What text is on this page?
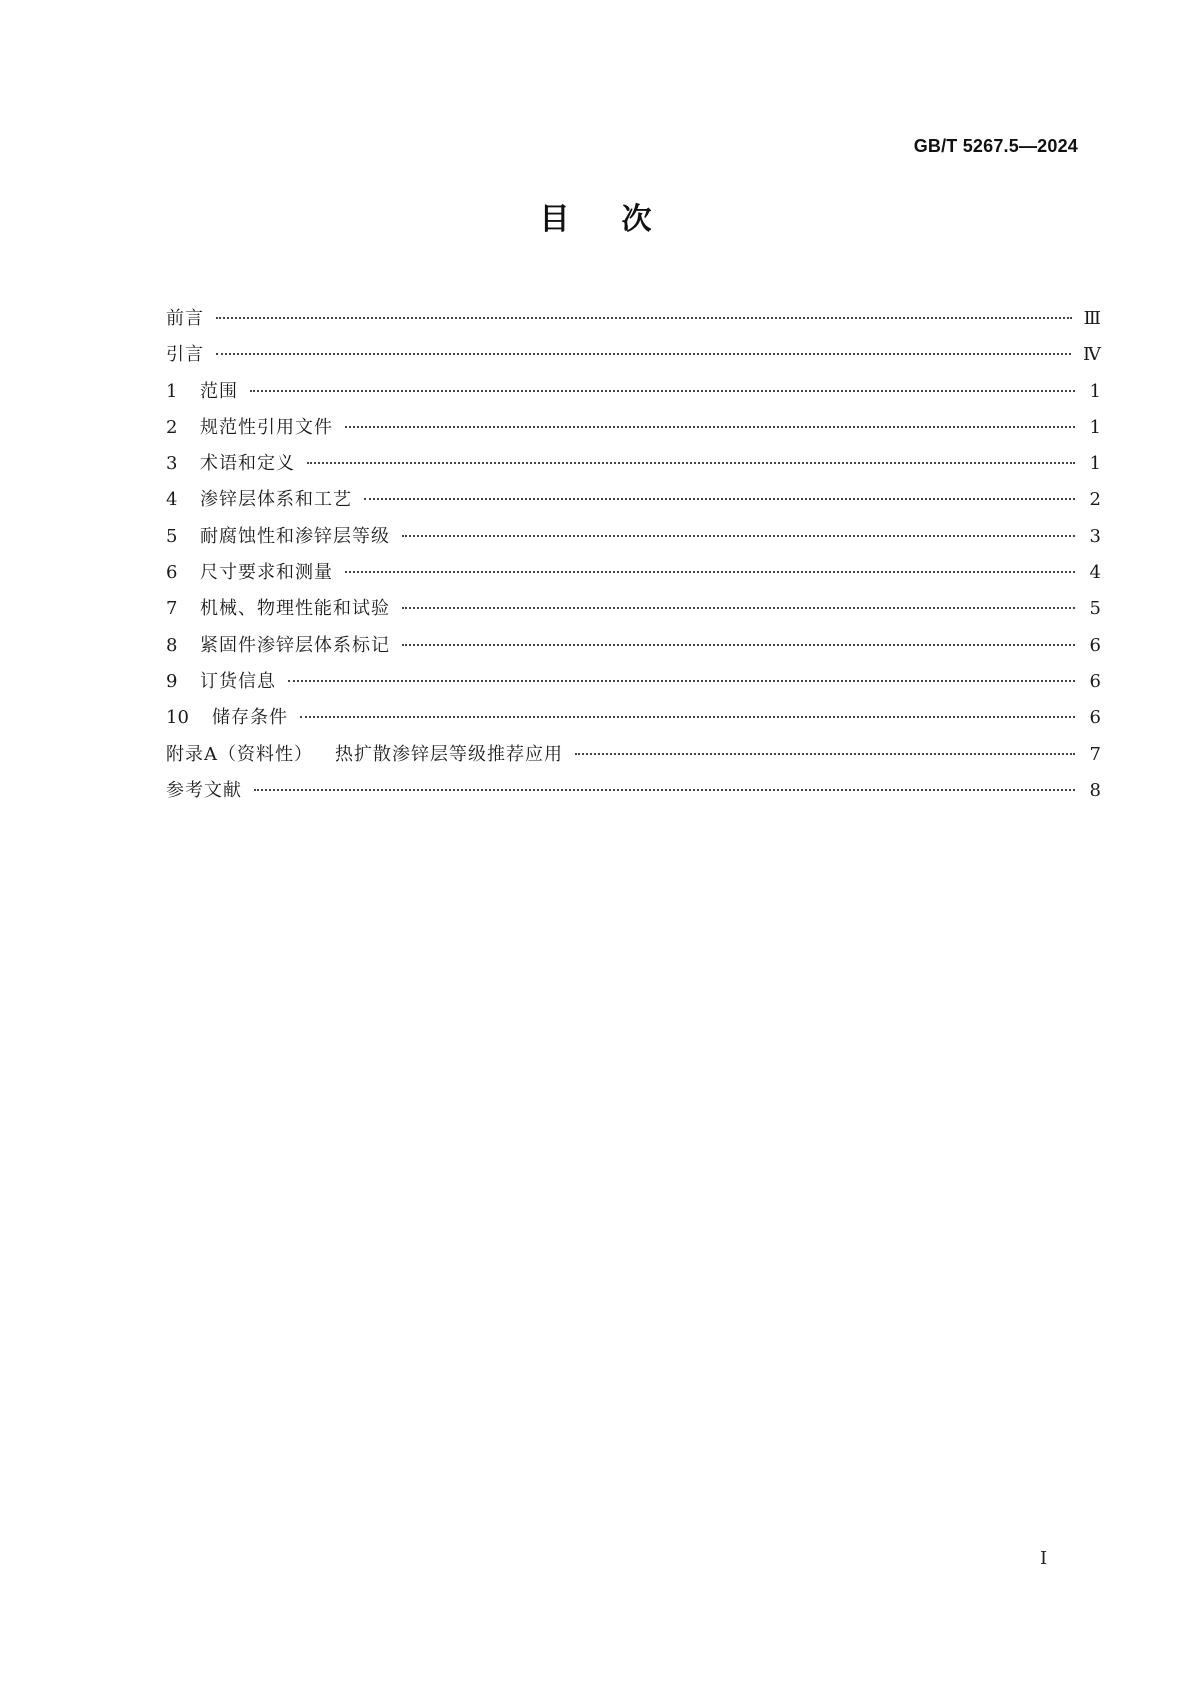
GB/T 5267.5—2024
目 次
前言	Ⅲ
引言	Ⅳ
1	范围	1
2	规范性引用文件	1
3	术语和定义	1
4	渗锌层体系和工艺	2
5	耐腐蚀性和渗锌层等级	3
6	尺寸要求和测量	4
7	机械、物理性能和试验	5
8	紧固件渗锌层体系标记	6
9	订货信息	6
10	储存条件	6
附录A（资料性） 热扩散渗锌层等级推荐应用	7
参考文献	8
Ⅰ
